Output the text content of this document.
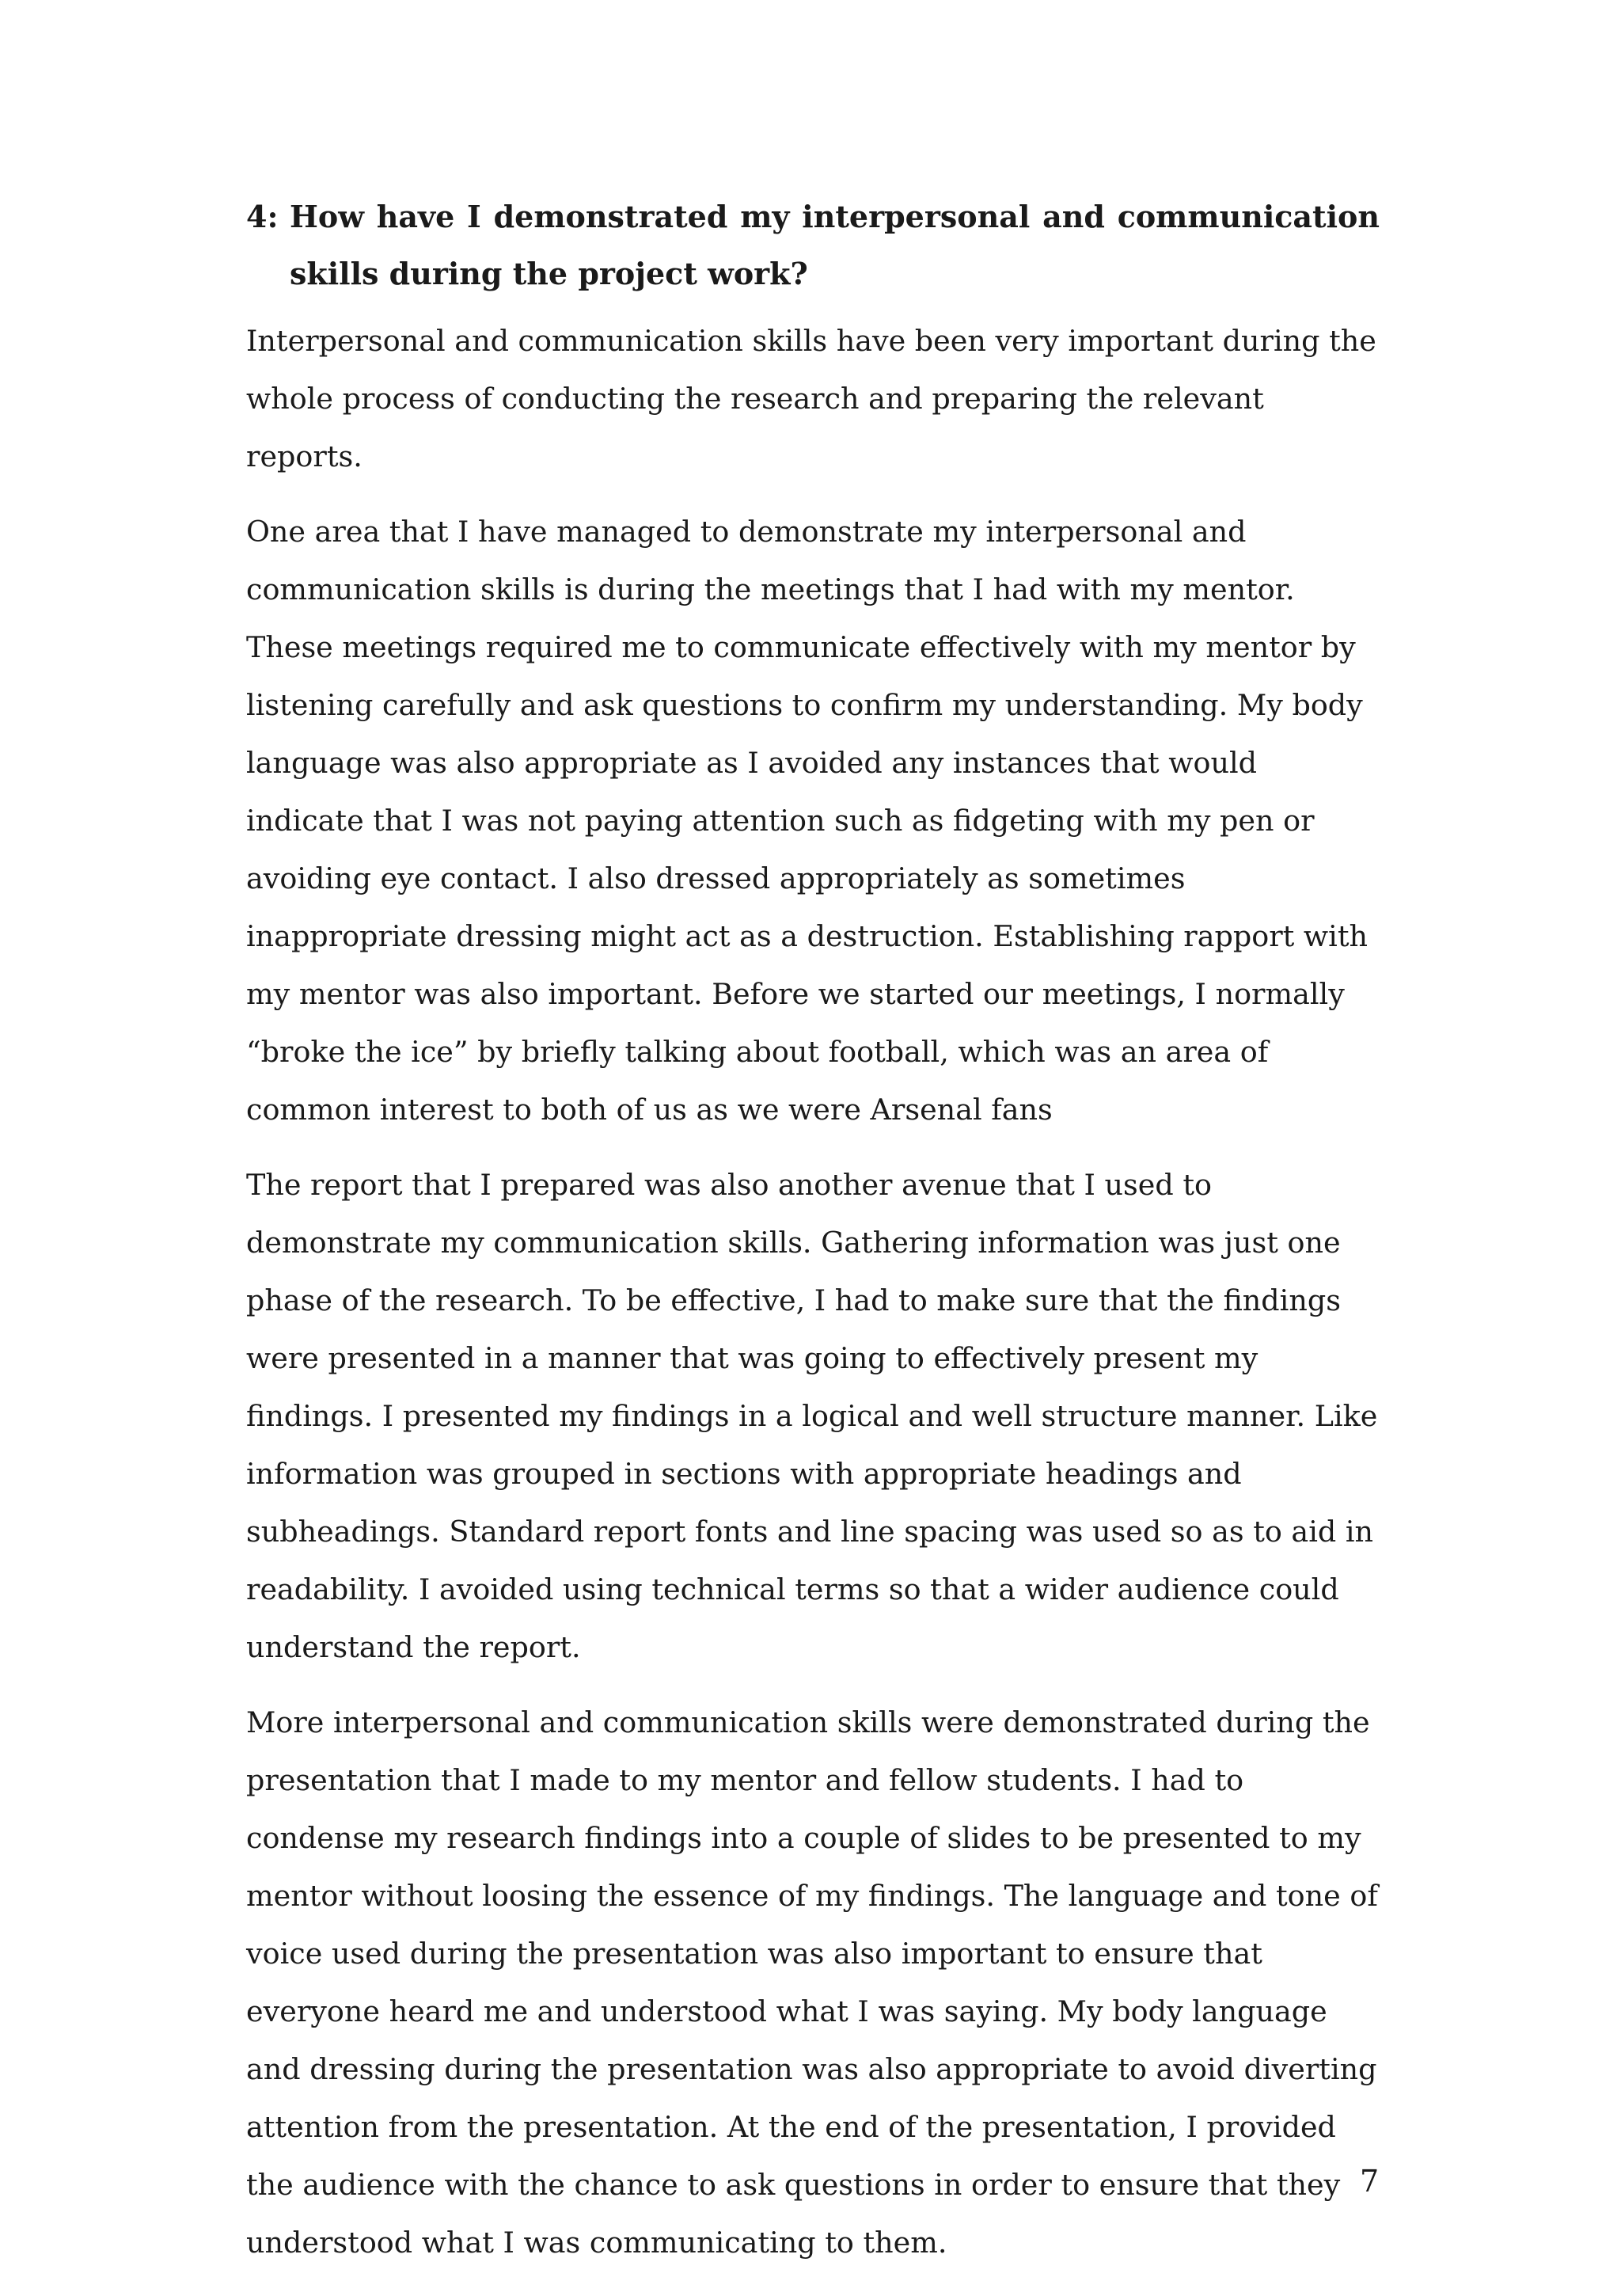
4: How have I demonstrated my interpersonal and communication skills during the project work?

Interpersonal and communication skills have been very important during the whole process of conducting the research and preparing the relevant reports.

One area that I have managed to demonstrate my interpersonal and communication skills is during the meetings that I had with my mentor. These meetings required me to communicate effectively with my mentor by listening carefully and ask questions to confirm my understanding. My body language was also appropriate as I avoided any instances that would indicate that I was not paying attention such as fidgeting with my pen or avoiding eye contact. I also dressed appropriately as sometimes inappropriate dressing might act as a destruction. Establishing rapport with my mentor was also important. Before we started our meetings, I normally “broke the ice” by briefly talking about football, which was an area of common interest to both of us as we were Arsenal fans

The report that I prepared was also another avenue that I used to demonstrate my communication skills. Gathering information was just one phase of the research. To be effective, I had to make sure that the findings were presented in a manner that was going to effectively present my findings. I presented my findings in a logical and well structure manner. Like information was grouped in sections with appropriate headings and subheadings. Standard report fonts and line spacing was used so as to aid in readability. I avoided using technical terms so that a wider audience could understand the report.

More interpersonal and communication skills were demonstrated during the presentation that I made to my mentor and fellow students. I had to condense my research findings into a couple of slides to be presented to my mentor without loosing the essence of my findings. The language and tone of voice used during the presentation was also important to ensure that everyone heard me and understood what I was saying. My body language and dressing during the presentation was also appropriate to avoid diverting attention from the presentation. At the end of the presentation, I provided the audience with the chance to ask questions in order to ensure that they understood what I was communicating to them.

7
